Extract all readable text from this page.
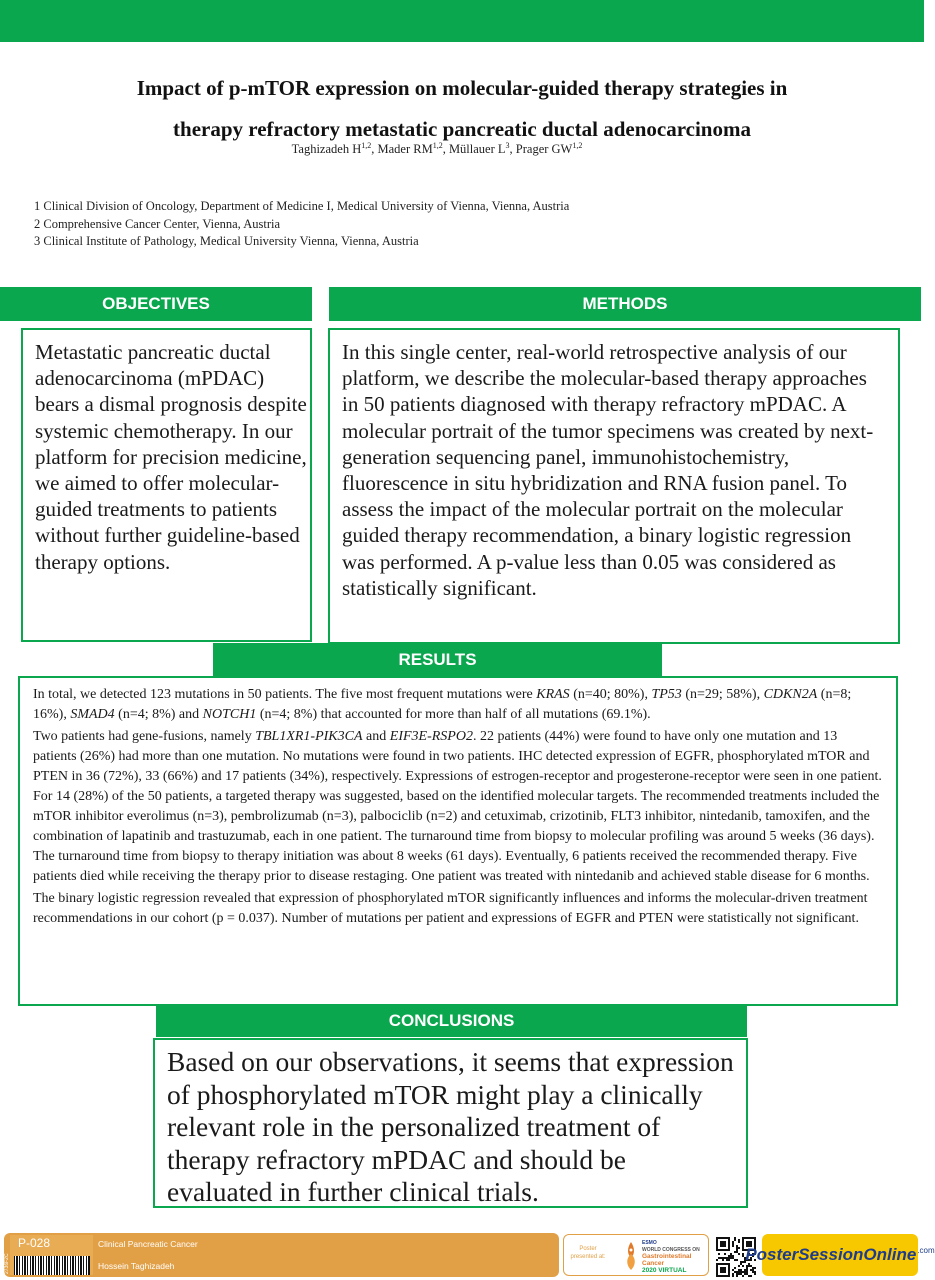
Impact of p-mTOR expression on molecular-guided therapy strategies in
therapy refractory metastatic pancreatic ductal adenocarcinoma
Taghizadeh H$^{1,2}$, Mader RM$^{1,2}$, Müllauer $L^3$, Prager GW$^{1,2}$
1 Clinical Division of Oncology, Department of Medicine I, Medical University of Vienna, Vienna, Austria
2 Comprehensive Cancer Center, Vienna, Austria
3 Clinical Institute of Pathology, Medical University Vienna, Vienna, Austria
OBJECTIVES
Metastatic pancreatic ductal adenocarcinoma (mPDAC) bears a dismal prognosis despite systemic chemotherapy. In our platform for precision medicine, we aimed to offer molecular-guided treatments to patients without further guideline-based therapy options.
METHODS
In this single center, real-world retrospective analysis of our platform, we describe the molecular-based therapy approaches in 50 patients diagnosed with therapy refractory mPDAC. A molecular portrait of the tumor specimens was created by next-generation sequencing panel, immunohistochemistry, fluorescence in situ hybridization and RNA fusion panel. To assess the impact of the molecular portrait on the molecular guided therapy recommendation, a binary logistic regression was performed. A p-value less than 0.05 was considered as statistically significant.

In total, we detected 123 mutations in 50 patients. The five most frequent mutations were KRAS (n=40; 80%), TP53 (n=29; 58%), CDKN2A (n=8; 16%), SMAD4 (n=4; 8%) and NOTCH1 (n=4; 8%) that accounted for more than half of all mutations (69.1%).

Two patients had gene-fusions, namely TBL1XR1-PIK3CA and EIF3E-RSPO2. 22 patients (44%) were found to have only one mutation and 13 patients (26%) had more than one mutation. No mutations were found in two patients. IHC detected expression of EGFR, phosphorylated mTOR and PTEN in 36 (72%), 33 (66%) and 17 patients (34%), respectively. Expressions of estrogen-receptor and progesterone-receptor were seen in one patient. For 14 (28%) of the 50 patients, a targeted therapy was suggested, based on the identified molecular targets. The recommended treatments included the mTOR inhibitor everolimus (n=3), pembrolizumab (n=3), palbociclib (n=2) and cetuximab, crizotinib, FLT3 inhibitor, nintedanib, tamoxifen, and the combination of lapatinib and trastuzumab, each in one patient. The turnaround time from biopsy to molecular profiling was around 5 weeks (36 days). The turnaround time from biopsy to therapy initiation was about 8 weeks (61 days). Eventually, 6 patients received the recommended therapy. Five patients died while receiving the therapy prior to disease restaging. One patient was treated with nintedanib and achieved stable disease for 6 months.

The binary logistic regression revealed that expression of phosphorylated mTOR significantly influences and informs the molecular-driven treatment recommendations in our cohort (p = 0.037). Number of mutations per patient and expressions of EGFR and PTEN were statistically not significant.

RESULTS
CONCLUSIONS
Based on our observations, it seems that expression of phosphorylated mTOR might play a clinically relevant role in the personalized treatment of therapy refractory mPDAC and should be evaluated in further clinical trials.
P-028
2736F2C
Clinical Pancreatic Cancer
Hossein Taghizadeh
Poster presented at:
ESMO
WORLD CONGRESS ON
Gastrointestinal
Cancer
2020 VIRTUAL
PosterSessionOnline .com
